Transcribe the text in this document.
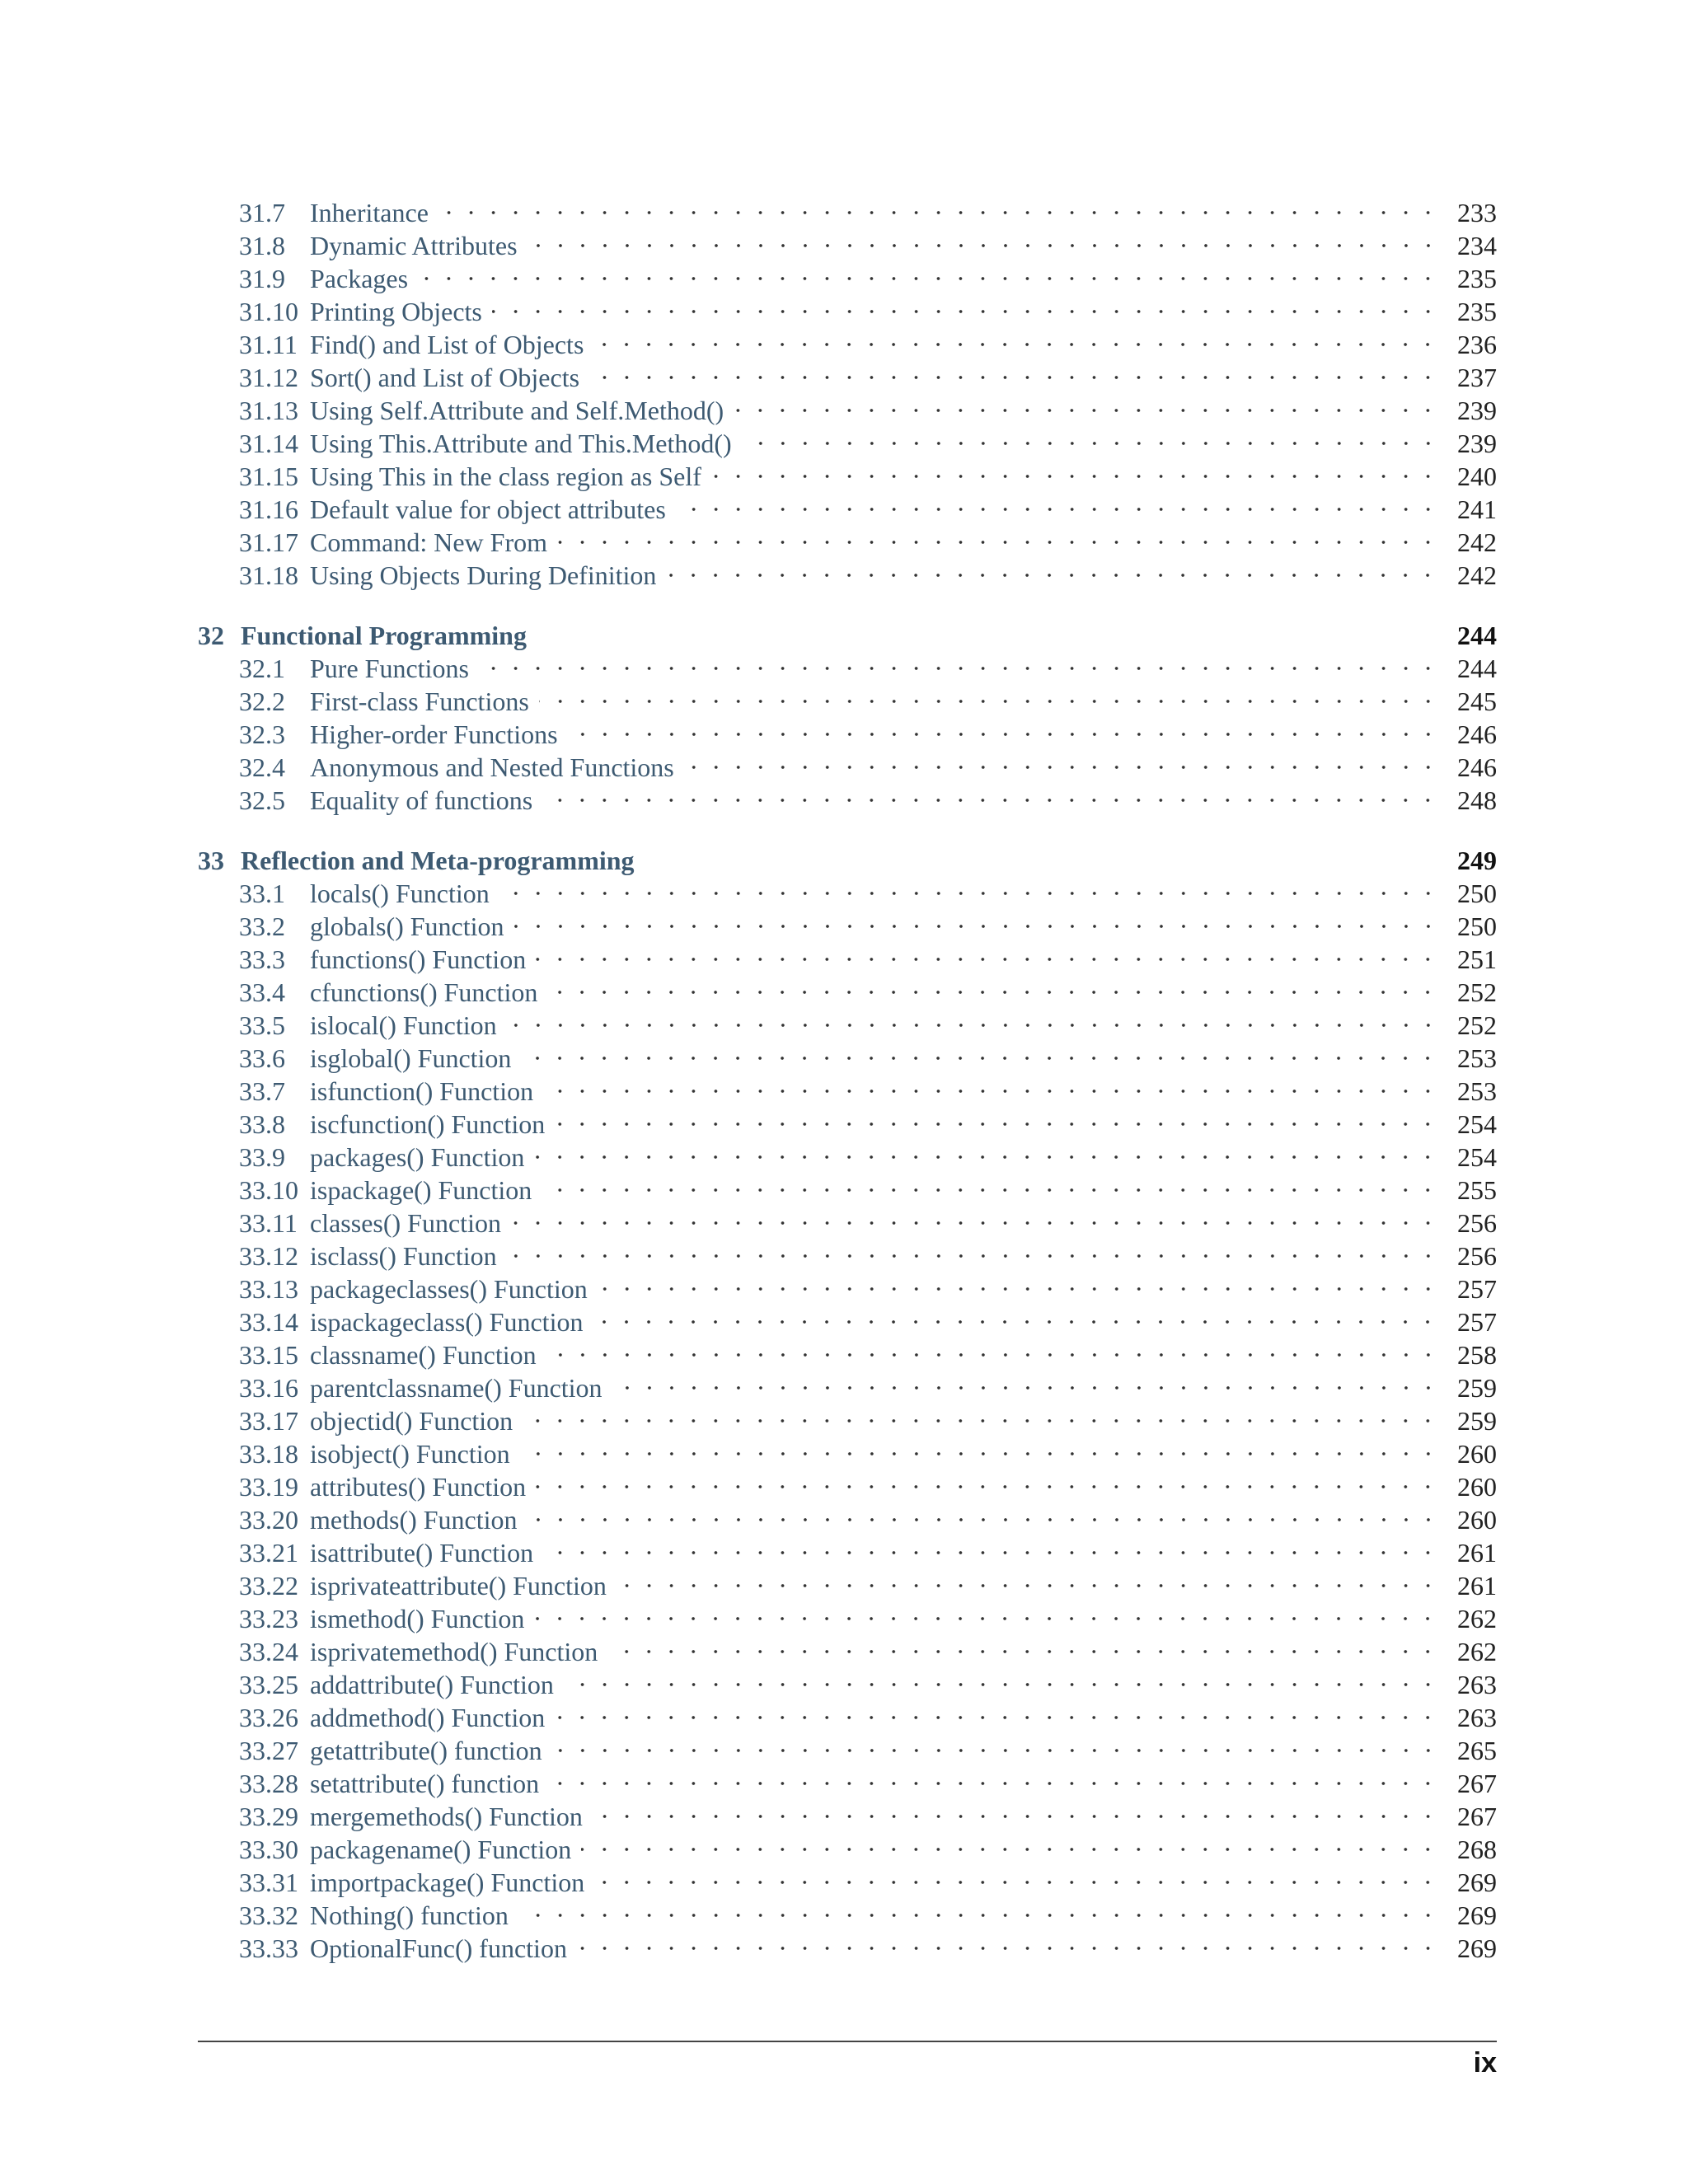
31.7 Inheritance	233
31.8 Dynamic Attributes	234
31.9 Packages	235
31.10 Printing Objects	235
31.11 Find() and List of Objects	236
31.12 Sort() and List of Objects	237
31.13 Using Self.Attribute and Self.Method()	239
31.14 Using This.Attribute and This.Method()	239
31.15 Using This in the class region as Self	240
31.16 Default value for object attributes	241
31.17 Command: New From	242
31.18 Using Objects During Definition	242
32 Functional Programming	244
32.1 Pure Functions	244
32.2 First-class Functions	245
32.3 Higher-order Functions	246
32.4 Anonymous and Nested Functions	246
32.5 Equality of functions	248
33 Reflection and Meta-programming	249
33.1 locals() Function	250
33.2 globals() Function	250
33.3 functions() Function	251
33.4 cfunctions() Function	252
33.5 islocal() Function	252
33.6 isglobal() Function	253
33.7 isfunction() Function	253
33.8 iscfunction() Function	254
33.9 packages() Function	254
33.10 ispackage() Function	255
33.11 classes() Function	256
33.12 isclass() Function	256
33.13 packageclasses() Function	257
33.14 ispackageclass() Function	257
33.15 classname() Function	258
33.16 parentclassname() Function	259
33.17 objectid() Function	259
33.18 isobject() Function	260
33.19 attributes() Function	260
33.20 methods() Function	260
33.21 isattribute() Function	261
33.22 isprivateattribute() Function	261
33.23 ismethod() Function	262
33.24 isprivatemethod() Function	262
33.25 addattribute() Function	263
33.26 addmethod() Function	263
33.27 getattribute() function	265
33.28 setattribute() function	267
33.29 mergemethods() Function	267
33.30 packagename() Function	268
33.31 importpackage() Function	269
33.32 Nothing() function	269
33.33 OptionalFunc() function	269
ix
